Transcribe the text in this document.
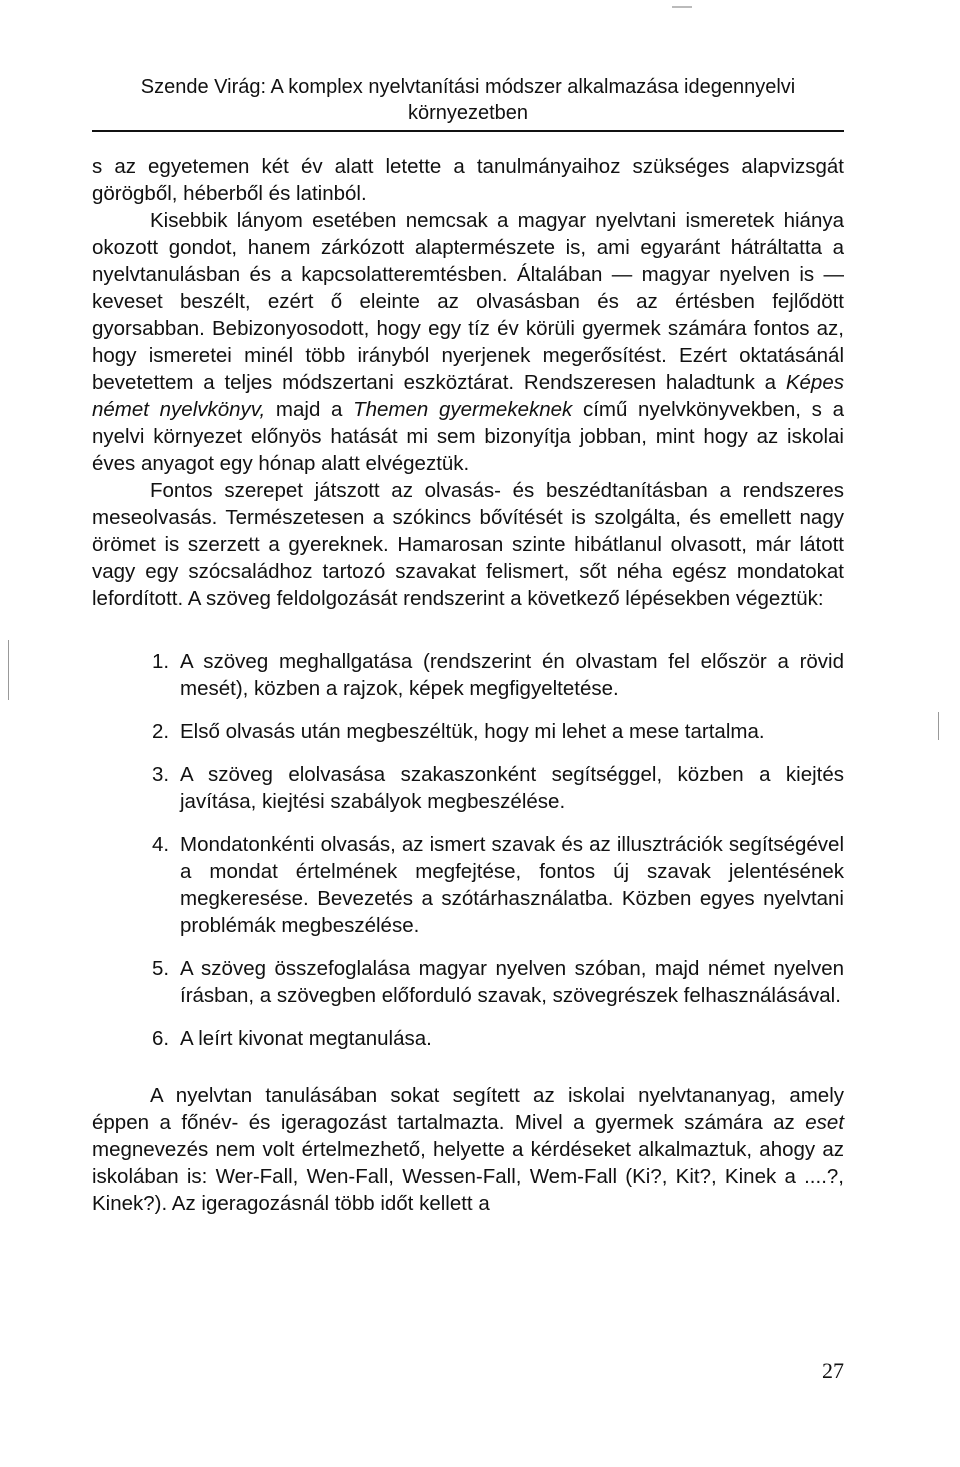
Szende Virág: A komplex nyelvtanítási módszer alkalmazása idegennyelvi
környezetben

s az egyetemen két év alatt letette a tanulmányaihoz szükséges alapvizsgát görögből, héberből és latinból.

Kisebbik lányom esetében nemcsak a magyar nyelvtani ismeretek hiánya okozott gondot, hanem zárkózott alaptermészete is, ami egyaránt hátráltatta a nyelvtanulásban és a kapcsolatteremtésben. Általában — magyar nyelven is — keveset beszélt, ezért ő eleinte az olvasásban és az értésben fejlődött gyorsabban. Bebizonyosodott, hogy egy tíz év körüli gyermek számára fontos az, hogy ismeretei minél több irányból nyerjenek megerősítést. Ezért oktatásánál bevetettem a teljes módszertani eszköztárat. Rendszeresen haladtunk a Képes német nyelvkönyv, majd a Themen gyermekeknek című nyelvkönyvekben, s a nyelvi környezet előnyös hatását mi sem bizonyítja jobban, mint hogy az iskolai éves anyagot egy hónap alatt elvégeztük.

Fontos szerepet játszott az olvasás- és beszédtanításban a rendszeres meseolvasás. Természetesen a szókincs bővítését is szolgálta, és emellett nagy örömet is szerzett a gyereknek. Hamarosan szinte hibátlanul olvasott, már látott vagy egy szócsaládhoz tartozó szavakat felismert, sőt néha egész mondatokat lefordított. A szöveg feldolgozását rendszerint a következő lépésekben végeztük:

1. A szöveg meghallgatása (rendszerint én olvastam fel először a rövid mesét), közben a rajzok, képek megfigyeltetése.
2. Első olvasás után megbeszéltük, hogy mi lehet a mese tartalma.
3. A szöveg elolvasása szakaszonként segítséggel, közben a kiejtés javítása, kiejtési szabályok megbeszélése.
4. Mondatonkénti olvasás, az ismert szavak és az illusztrációk segítségével a mondat értelmének megfejtése, fontos új szavak jelentésének megkeresése. Bevezetés a szótárhasználatba. Közben egyes nyelvtani problémák megbeszélése.
5. A szöveg összefoglalása magyar nyelven szóban, majd német nyelven írásban, a szövegben előforduló szavak, szövegrészek felhasználásával.
6. A leírt kivonat megtanulása.

A nyelvtan tanulásában sokat segített az iskolai nyelvtananyag, amely éppen a főnév- és igeragozást tartalmazta. Mivel a gyermek számára az eset megnevezés nem volt értelmezhető, helyette a kérdéseket alkalmaztuk, ahogy az iskolában is: Wer-Fall, Wen-Fall, Wessen-Fall, Wem-Fall (Ki?, Kit?, Kinek a ....?, Kinek?). Az igeragozásnál több időt kellett a

27
